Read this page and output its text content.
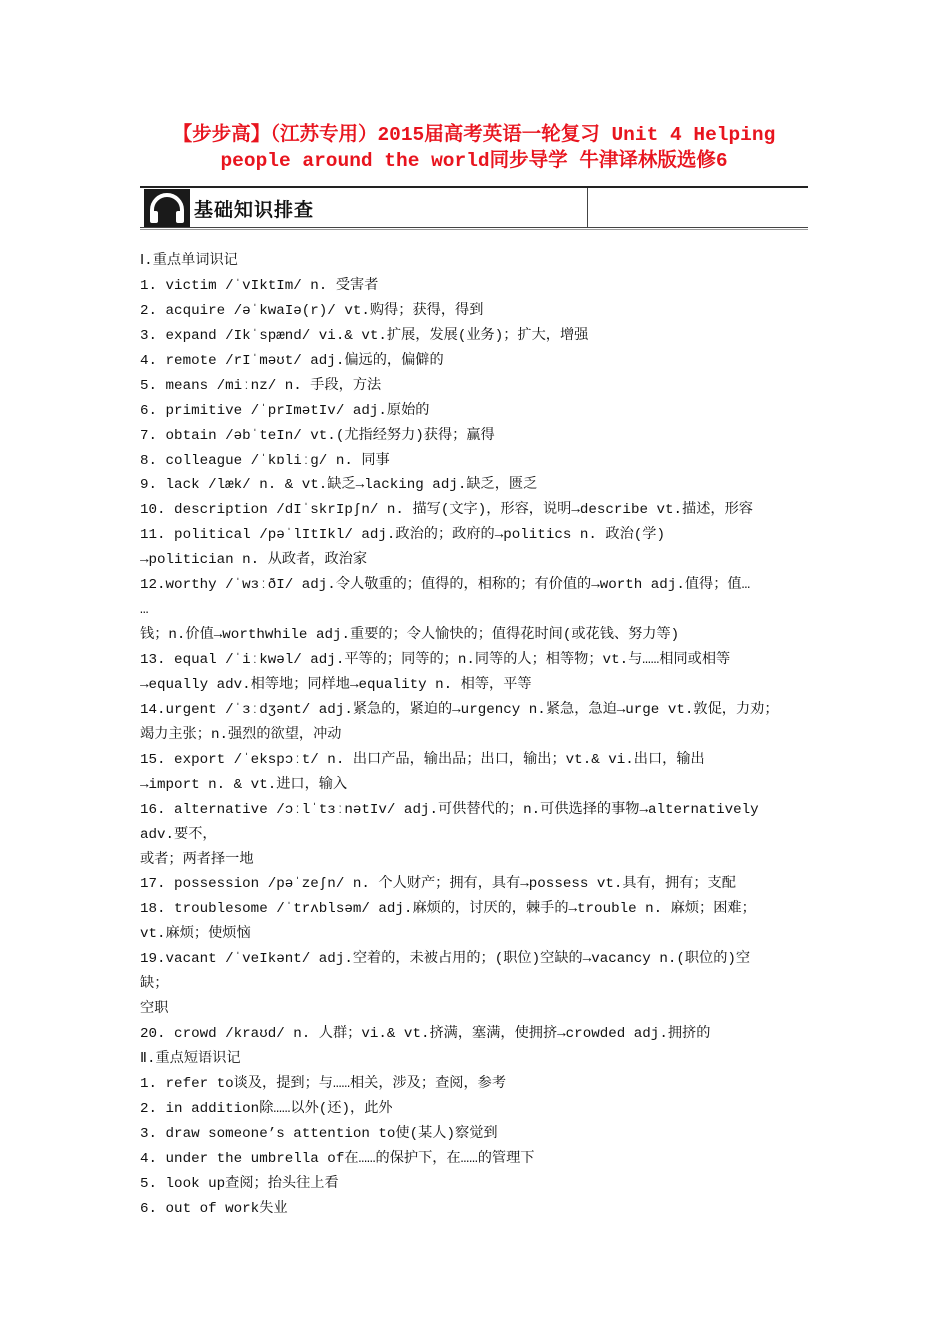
【步步高】（江苏专用）2015届高考英语一轮复习 Unit 4 Helping
people around the world同步导学 牛津译林版选修6
基础知识排查
Ⅰ.重点单词识记
1. victim /ˈvIktIm/ n. 受害者
2. acquire /əˈkwaIə(r)/ vt.购得；获得，得到
3. expand /Ikˈspænd/ vi.& vt.扩展，发展(业务)；扩大，增强
4. remote /rIˈməʊt/ adj.偏远的，偏僻的
5. means /miːnz/ n. 手段，方法
6. primitive /ˈprImətIv/ adj.原始的
7. obtain /əbˈteIn/ vt.(尤指经努力)获得；赢得
8. colleague /ˈkɒliːg/ n. 同事
9. lack /læk/ n. & vt.缺乏→lacking adj.缺乏，匮乏
10. description /dIˈskrIpʃn/ n. 描写(文字)，形容，说明→describe vt.描述，形容
11. political /pəˈlItIkl/ adj.政治的；政府的→politics n. 政治(学)
→politician n. 从政者，政治家
12.worthy /ˈwɜːðI/ adj.令人敬重的；值得的，相称的；有价值的→worth adj.值得；值…
…
钱；n.价值→worthwhile adj.重要的；令人愉快的；值得花时间(或花钱、努力等)
13. equal /ˈiːkwəl/ adj.平等的；同等的；n.同等的人；相等物；vt.与……相同或相等
→equally adv.相等地；同样地→equality n. 相等，平等
14.urgent /ˈɜːdʒənt/ adj.紧急的，紧迫的→urgency n.紧急，急迫→urge vt.敦促，力劝；
竭力主张；n.强烈的欲望，冲动
15. export /ˈekspɔːt/ n. 出口产品，输出品；出口，输出；vt.& vi.出口，输出
→import n. & vt.进口，输入
16. alternative /ɔːlˈtɜːnətIv/ adj.可供替代的；n.可供选择的事物→alternatively
adv.要不，
或者；两者择一地
17. possession /pəˈzeʃn/ n. 个人财产；拥有，具有→possess vt.具有，拥有；支配
18. troublesome /ˈtrʌblsəm/ adj.麻烦的，讨厌的，棘手的→trouble n. 麻烦；困难；
vt.麻烦；使烦恼
19.vacant /ˈveIkənt/ adj.空着的，未被占用的；(职位)空缺的→vacancy n.(职位的)空
缺；
空职
20. crowd /kraʊd/ n. 人群；vi.& vt.挤满，塞满，使拥挤→crowded adj.拥挤的
Ⅱ.重点短语识记
1. refer to谈及，提到；与……相关，涉及；查阅，参考
2. in addition除……以外(还)，此外
3. draw someone’s attention to使(某人)察觉到
4. under the umbrella of在……的保护下，在……的管理下
5. look up查阅；抬头往上看
6. out of work失业
